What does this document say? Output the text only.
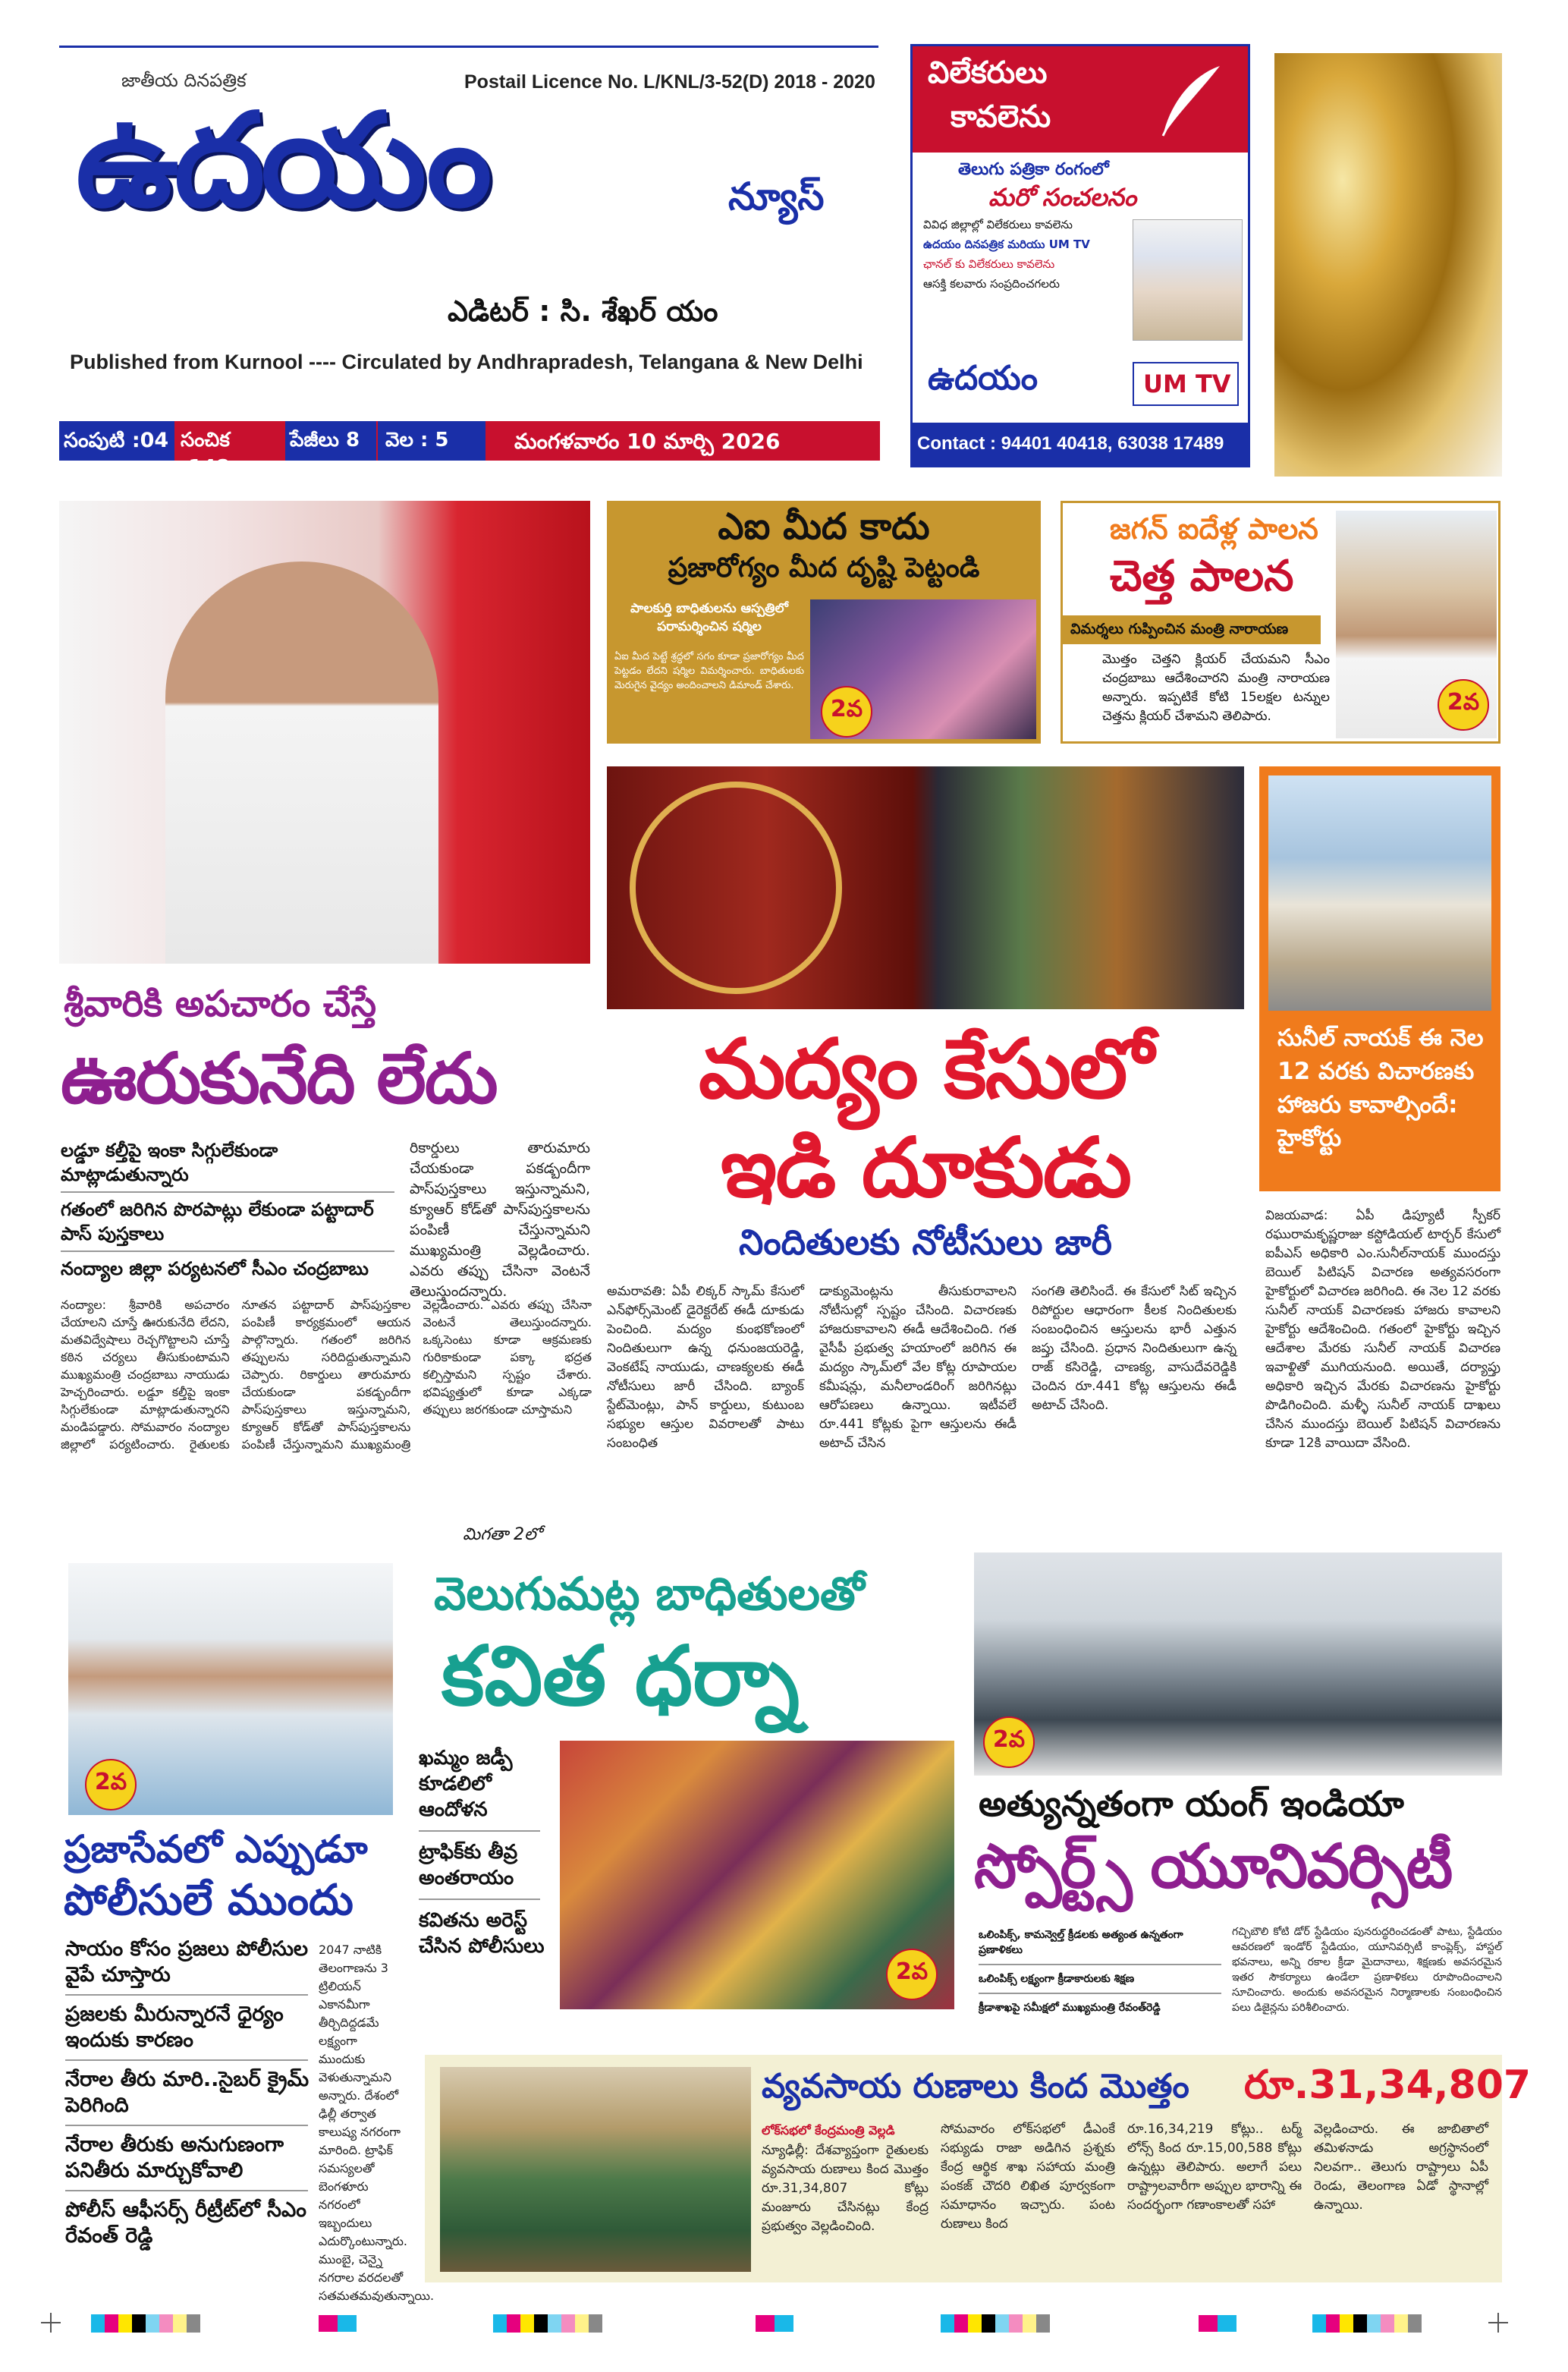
జాతీయ దినపత్రిక	Postail Licence No. L/KNL/3-52(D) 2018 - 2020
ఉదయం	న్యూస్
ఎడిటర్ : సి. శేఖర్ యం
Published from Kurnool ---- Circulated by Andhrapradesh, Telangana & New Delhi
సంపుటి :04 సంచిక :148
పేజీలు 8	వెల : 5	మంగళవారం 10 మార్చి 2026
విలేకరులు
కావలెను
తెలుగు పత్రికా రంగంలో
మరో సంచలనం
వివిధ జిల్లాల్లో విలేకరులు కావలెను
ఉదయం దినపత్రిక మరియు UM TV
ఛానల్ కు విలేకరులు కావలెను
ఆసక్తి కలవారు సంప్రదించగలరు
ఉదయం	UM TV
Contact : 94401 40418, 63038 17489
శ్రీవారికి అపచారం చేస్తే
ఊరుకునేది లేదు
లడ్డూ కల్తీపై ఇంకా సిగ్గులేకుండా మాట్లాడుతున్నారు
గతంలో జరిగిన పొరపాట్లు లేకుండా పట్టాదార్ పాస్ పుస్తకాలు
నంద్యాల జిల్లా పర్యటనలో సీఎం చంద్రబాబు
రికార్డులు తారుమారు చేయకుండా పకడ్బందీగా పాస్‌పుస్తకాలు ఇస్తున్నామని, క్యూఆర్ కోడ్‌తో పాస్‌పుస్తకాలను పంపిణీ చేస్తున్నామని ముఖ్యమంత్రి వెల్లడించారు. ఎవరు తప్పు చేసినా వెంటనే తెలుస్తుందన్నారు.
నంద్యాల: శ్రీవారికి అపచారం చేయాలని చూస్తే ఊరుకునేది లేదని, మతవిద్వేషాలు రెచ్చగొట్టాలని చూస్తే కఠిన చర్యలు తీసుకుంటామని ముఖ్యమంత్రి చంద్రబాబు నాయుడు హెచ్చరించారు. లడ్డూ కల్తీపై ఇంకా సిగ్గులేకుండా మాట్లాడుతున్నారని మండిపడ్డారు. సోమవారం నంద్యాల జిల్లాలో పర్యటించారు. రైతులకు నూతన పట్టాదార్ పాస్‌పుస్తకాల పంపిణీ కార్యక్రమంలో ఆయన పాల్గొన్నారు. గతంలో జరిగిన తప్పులను సరిదిద్దుతున్నామని చెప్పారు. రికార్డులు తారుమారు చేయకుండా పకడ్బందీగా పాస్‌పుస్తకాలు ఇస్తున్నామని, క్యూఆర్ కోడ్‌తో పాస్‌పుస్తకాలను పంపిణీ చేస్తున్నామని ముఖ్యమంత్రి వెల్లడించారు. ఎవరు తప్పు చేసినా వెంటనే తెలుస్తుందన్నారు. ఒక్కసెంటు కూడా ఆక్రమణకు గురికాకుండా పక్కా భద్రత కల్పిస్తామని స్పష్టం చేశారు. భవిష్యత్తులో కూడా ఎక్కడా తప్పులు జరగకుండా చూస్తామని
మిగతా 2లో
ఎఐ మీద కాదు
ప్రజారోగ్యం మీద దృష్టి పెట్టండి
పాలకుర్తి బాధితులను ఆస్పత్రిలో పరామర్శించిన షర్మిల
ఏఐ మీద పెట్టే శ్రద్ధలో సగం కూడా ప్రజారోగ్యం మీద పెట్టడం లేదని షర్మిల విమర్శించారు. బాధితులకు మెరుగైన వైద్యం అందించాలని డిమాండ్ చేశారు.
2వ
జగన్ ఐదేళ్ల పాలన
చెత్త పాలన
విమర్శలు గుప్పించిన మంత్రి నారాయణ
మొత్తం చెత్తని క్లియర్ చేయమని సీఎం చంద్రబాబు ఆదేశించారని మంత్రి నారాయణ అన్నారు. ఇప్పటికే కోటి 15లక్షల టన్నుల చెత్తను క్లియర్ చేశామని తెలిపారు.
2వ
మద్యం కేసులో
ఇడి దూకుడు
నిందితులకు నోటీసులు జారీ
అమరావతి: ఏపీ లిక్కర్ స్కామ్ కేసులో ఎన్‌ఫోర్స్‌మెంట్ డైరెక్టరేట్ ఈడీ దూకుడు పెంచింది. మద్యం కుంభకోణంలో నిందితులుగా ఉన్న ధనుంజయరెడ్డి, వెంకటేష్ నాయుడు, చాణక్యలకు ఈడీ నోటీసులు జారీ చేసింది. బ్యాంక్ స్టేట్‌మెంట్లు, పాన్ కార్డులు, కుటుంబ సభ్యుల ఆస్తుల వివరాలతో పాటు సంబంధిత
డాక్యుమెంట్లను తీసుకురావాలని నోటీసుల్లో స్పష్టం చేసింది. విచారణకు హాజరుకావాలని ఈడీ ఆదేశించింది. గత వైసీపీ ప్రభుత్వ హయాంలో జరిగిన ఈ మద్యం స్కామ్‌లో వేల కోట్ల రూపాయల కమీషన్లు, మనీలాండరింగ్ జరిగినట్లు ఆరోపణలు ఉన్నాయి. ఇటీవలే రూ.441 కోట్లకు పైగా ఆస్తులను ఈడీ అటాచ్ చేసిన
సంగతి తెలిసిందే. ఈ కేసులో సిట్ ఇచ్చిన రిపోర్టుల ఆధారంగా కీలక నిందితులకు సంబంధించిన ఆస్తులను భారీ ఎత్తున జప్తు చేసింది. ప్రధాన నిందితులుగా ఉన్న రాజ్ కసిరెడ్డి, చాణక్య, వాసుదేవరెడ్డికి చెందిన రూ.441 కోట్ల ఆస్తులను ఈడీ అటాచ్ చేసింది.
సునీల్ నాయక్ ఈ నెల 12 వరకు విచారణకు హాజరు కావాల్సిందే: హైకోర్టు
విజయవాడ: ఏపీ డిప్యూటీ స్పీకర్ రఘురామకృష్ణరాజు కస్టోడియల్ టార్చర్ కేసులో ఐపీఎస్ అధికారి ఎం.సునీల్‌నాయక్ ముందస్తు బెయిల్ పిటిషన్ విచారణ అత్యవసరంగా హైకోర్టులో విచారణ జరిగింది. ఈ నెల 12 వరకు సునీల్ నాయక్ విచారణకు హాజరు కావాలని హైకోర్టు ఆదేశించింది. గతంలో హైకోర్టు ఇచ్చిన ఆదేశాల మేరకు సునీల్ నాయక్ విచారణ ఇవాళ్టితో ముగియనుంది. అయితే, దర్యాప్తు అధికారి ఇచ్చిన మేరకు విచారణను హైకోర్టు పొడిగించింది. మళ్ళీ సునీల్ నాయక్ దాఖలు చేసిన ముందస్తు బెయిల్ పిటిషన్ విచారణను కూడా 12కి వాయిదా వేసింది.
2వ
ప్రజాసేవలో ఎప్పుడూ
పోలీసులే ముందు
సాయం కోసం ప్రజలు పోలీసుల వైపే చూస్తారు
ప్రజలకు మీరున్నారనే ధైర్యం ఇందుకు కారణం
నేరాల తీరు మారి..సైబర్ క్రైమ్ పెరిగింది
నేరాల తీరుకు అనుగుణంగా పనితీరు మార్చుకోవాలి
పోలీస్ ఆఫీసర్స్ రీట్రీట్‌లో సీఎం రేవంత్ రెడ్డి
2047 నాటికి తెలంగాణను 3 ట్రిలియన్ ఎకానమీగా తీర్చిదిద్దడమే లక్ష్యంగా ముందుకు వెళుతున్నామని అన్నారు. దేశంలో ఢిల్లీ తర్వాత కాలుష్య నగరంగా మారింది. ట్రాఫిక్ సమస్యలతో బెంగళూరు నగరంలో ఇబ్బందులు ఎదుర్కొంటున్నారు. ముంబై, చెన్నై నగరాల వరదలతో సతమతమవుతున్నాయి.
వెలుగుమట్ల బాధితులతో
కవిత ధర్నా
ఖమ్మం జడ్పీ కూడలిలో ఆందోళన
ట్రాఫిక్‌కు తీవ్ర అంతరాయం
కవితను అరెస్ట్ చేసిన పోలీసులు
2వ
2వ
అత్యున్నతంగా యంగ్ ఇండియా
స్పోర్ట్స్ యూనివర్సిటీ
ఒలింపిక్స్, కామన్వెల్త్ క్రీడలకు అత్యంత ఉన్నతంగా ప్రణాళికలు
ఒలింపిక్స్ లక్ష్యంగా క్రీడాకారులకు శిక్షణ
క్రీడాశాఖపై సమీక్షలో ముఖ్యమంత్రి రేవంత్‌రెడ్డి
గచ్చిబౌలి కోటి డోర్ స్టేడియం పునరుద్ధరించడంతో పాటు, స్టేడియం ఆవరణలో ఇండోర్ స్టేడియం, యూనివర్సిటీ కాంప్లెక్స్, హాస్టల్ భవనాలు, అన్ని రకాల క్రీడా మైదానాలు, శిక్షణకు అవసరమైన ఇతర సౌకర్యాలు ఉండేలా ప్రణాళికలు రూపొందించాలని సూచించారు. అందుకు అవసరమైన నిర్మాణాలకు సంబంధించిన పలు డిజైన్లను పరిశీలించారు.
వ్యవసాయ రుణాలు కింద మొత్తం రూ.31,34,807
లోక్‌సభలో కేంద్రమంత్రి వెల్లడి
న్యూఢిల్లీ: దేశవ్యాప్తంగా రైతులకు వ్యవసాయ రుణాలు కింద మొత్తం రూ.31,34,807 కోట్లు మంజూరు చేసినట్లు కేంద్ర ప్రభుత్వం వెల్లడించింది.
సోమవారం లోక్‌సభలో డీఎంకే సభ్యుడు రాజా అడిగిన ప్రశ్నకు కేంద్ర ఆర్థిక శాఖ సహాయ మంత్రి పంకజ్ చౌదరి లిఖిత పూర్వకంగా సమాధానం ఇచ్చారు. పంట రుణాలు కింద
రూ.16,34,219 కోట్లు.. టర్మ్ లోన్స్ కింద రూ.15,00,588 కోట్లు ఉన్నట్లు తెలిపారు. అలాగే పలు రాష్ట్రాలవారీగా అప్పుల భారాన్ని ఈ సందర్భంగా గణాంకాలతో సహా
వెల్లడించారు. ఈ జాబితాలో తమిళనాడు అగ్రస్థానంలో నిలవగా.. తెలుగు రాష్ట్రాలు ఏపీ రెండు, తెలంగాణ ఏడో స్థానాల్లో ఉన్నాయి.
